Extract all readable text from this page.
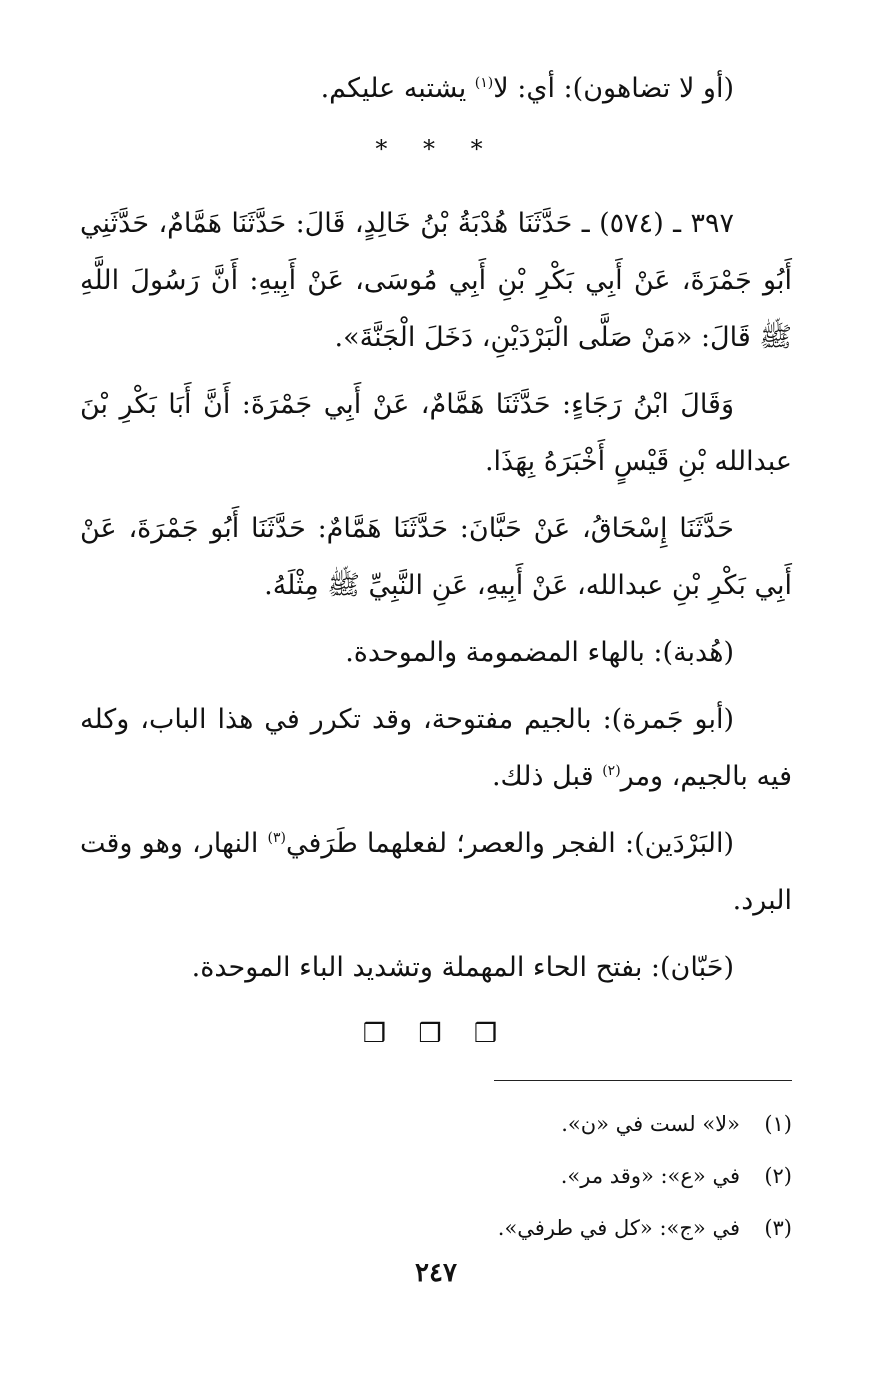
(أو لا تضاهون): أي: لا$^{(١)}$ يشتبه عليكم.

* * *

٣٩٧ ـ (٥٧٤) ـ حَدَّثَنَا هُدْبَةُ بْنُ خَالِدٍ، قَالَ: حَدَّثَنَا هَمَّامٌ، حَدَّثَنِي أَبُو جَمْرَةَ، عَنْ أَبِي بَكْرِ بْنِ أَبِي مُوسَى، عَنْ أَبِيهِ: أَنَّ رَسُولَ اللَّهِ ﷺ قَالَ: «مَنْ صَلَّى الْبَرْدَيْنِ، دَخَلَ الْجَنَّةَ».

وَقَالَ ابْنُ رَجَاءٍ: حَدَّثَنَا هَمَّامٌ، عَنْ أَبِي جَمْرَةَ: أَنَّ أَبَا بَكْرِ بْنَ عبدالله بْنِ قَيْسٍ أَخْبَرَهُ بِهَذَا.

حَدَّثَنَا إِسْحَاقُ، عَنْ حَبَّانَ: حَدَّثَنَا هَمَّامٌ: حَدَّثَنَا أَبُو جَمْرَةَ، عَنْ أَبِي بَكْرِ بْنِ عبدالله، عَنْ أَبِيهِ، عَنِ النَّبِيِّ ﷺ مِثْلَهُ.

(هُدبة): بالهاء المضمومة والموحدة.

(أبو جَمرة): بالجيم مفتوحة، وقد تكرر في هذا الباب، وكله فيه بالجيم، ومر$^{(٢)}$ قبل ذلك.

(البَرْدَين): الفجر والعصر؛ لفعلهما طَرَفي$^{(٣)}$ النهار، وهو وقت البرد.

(حَبّان): بفتح الحاء المهملة وتشديد الباء الموحدة.

❒ ❒ ❒

(١)«لا» لست في «ن».

(٢)في «ع»: «وقد مر».

(٣)في «ج»: «كل في طرفي».

٢٤٧
